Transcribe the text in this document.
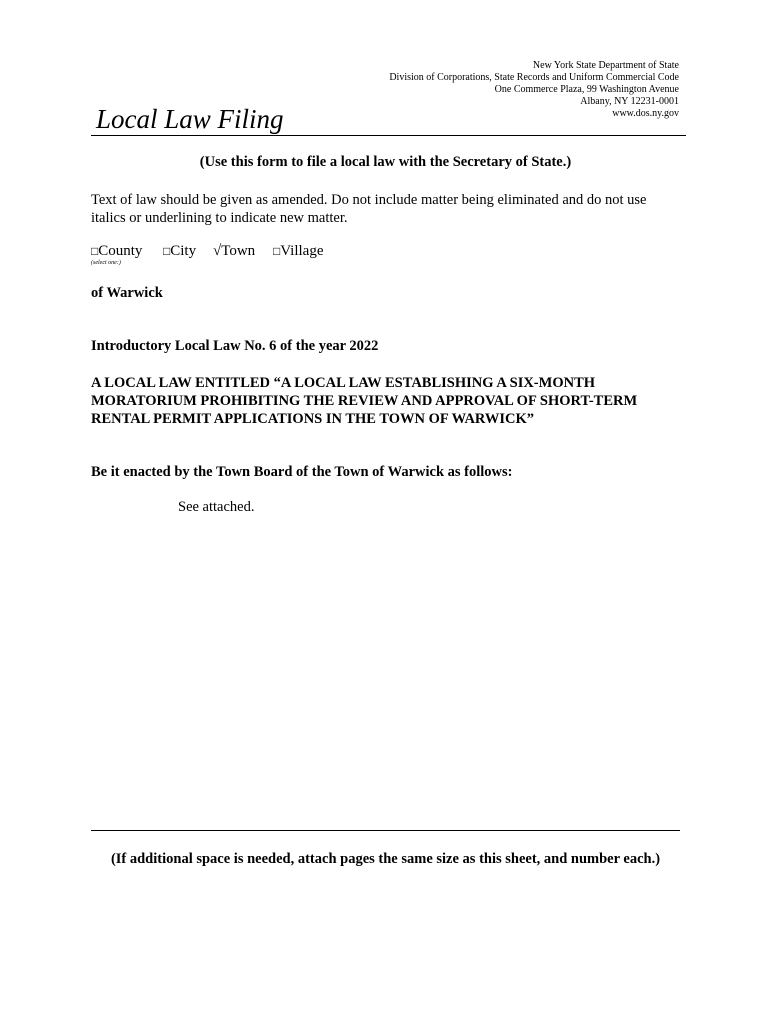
New York State Department of State
Division of Corporations, State Records and Uniform Commercial Code
One Commerce Plaza, 99 Washington Avenue
Albany, NY 12231-0001
www.dos.ny.gov
Local Law Filing
(Use this form to file a local law with the Secretary of State.)
Text of law should be given as amended. Do not include matter being eliminated and do not use
italics or underlining to indicate new matter.
□County □City √Town □Village
(select one:)
of Warwick
Introductory Local Law No. 6 of the year 2022
A LOCAL LAW ENTITLED “A LOCAL LAW ESTABLISHING A SIX-MONTH
MORATORIUM PROHIBITING THE REVIEW AND APPROVAL OF SHORT-TERM
RENTAL PERMIT APPLICATIONS IN THE TOWN OF WARWICK”
Be it enacted by the Town Board of the Town of Warwick as follows:
See attached.
(If additional space is needed, attach pages the same size as this sheet, and number each.)
